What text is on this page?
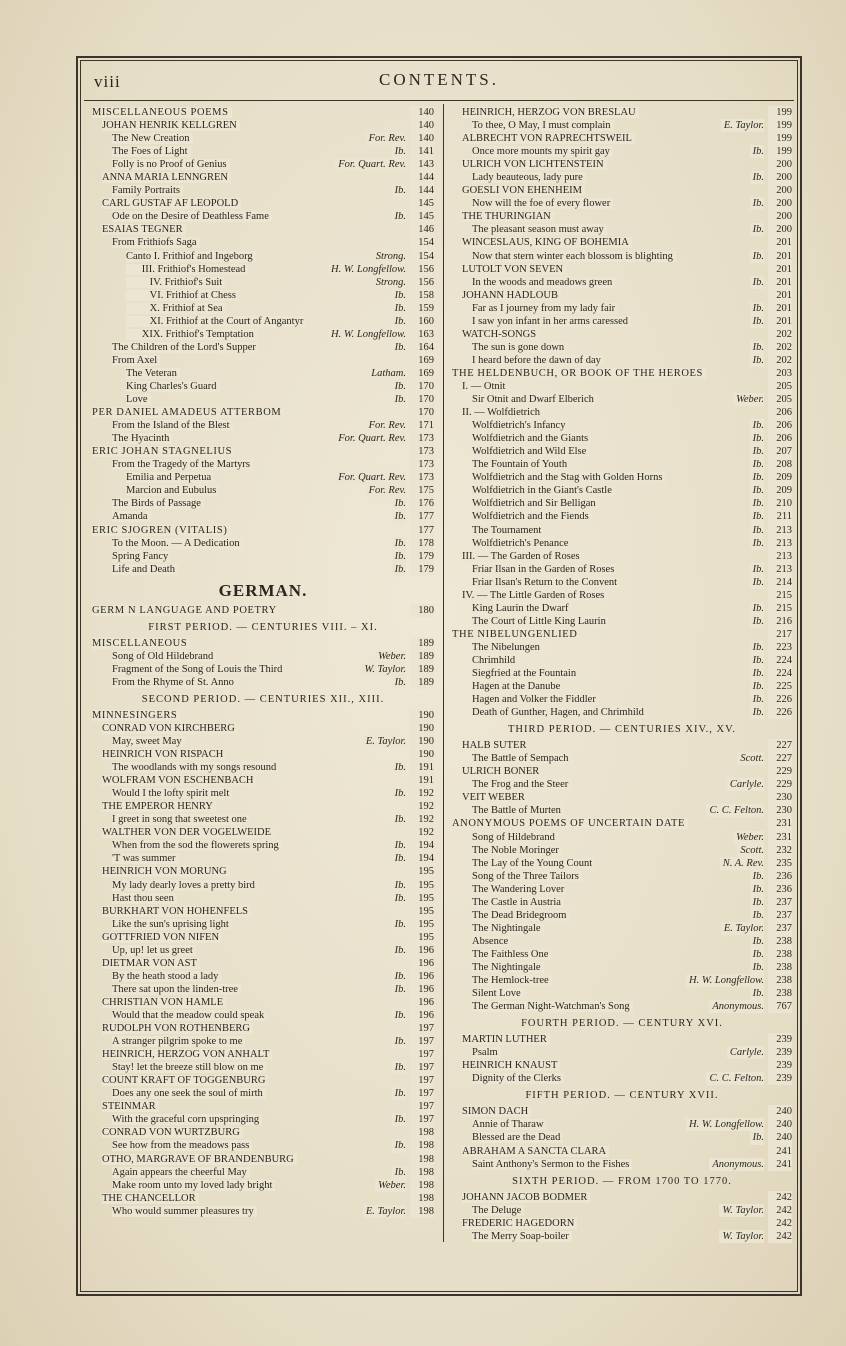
viii	CONTENTS.
MISCELLANEOUS POEMS	140
JOHAN HENRIK KELLGREN	140
The New Creation	For. Rev.	140
The Foes of Light	Ib.	141
Folly is no Proof of Genius	For. Quart. Rev.	143
ANNA MARIA LENNGREN	144
Family Portraits	Ib.	144
CARL GUSTAF AF LEOPOLD	145
Ode on the Desire of Deathless Fame	Ib.	145
ESAIAS TEGNER	146
From Frithiofs Saga	154
Canto I. Frithiof and Ingeborg	Strong.	154
III. Frithiof's Homestead	H. W. Longfellow.	156
IV. Frithiof's Suit	Strong.	156
VI. Frithiof at Chess	Ib.	158
X. Frithiof at Sea	Ib.	159
XI. Frithiof at the Court of Angantyr	Ib.	160
XIX. Frithiof's Temptation	H. W. Longfellow.	163
The Children of the Lord's Supper	Ib.	164
From Axel	169
The Veteran	Latham.	169
King Charles's Guard	Ib.	170
Love	Ib.	170
PER DANIEL AMADEUS ATTERBOM	170
From the Island of the Blest	For. Rev.	171
The Hyacinth	For. Quart. Rev.	173
ERIC JOHAN STAGNELIUS	173
From the Tragedy of the Martyrs	173
Emilia and Perpetua	For. Quart. Rev.	173
Marcion and Eubulus	For. Rev.	175
The Birds of Passage	Ib.	176
Amanda	Ib.	177
ERIC SJOGREN (VITALIS)	177
To the Moon. — A Dedication	Ib.	178
Spring Fancy	Ib.	179
Life and Death	Ib.	179
GERMAN.
GERM N LANGUAGE AND POETRY	180
FIRST PERIOD. — CENTURIES VIII. – XI.
MISCELLANEOUS	189
Song of Old Hildebrand	Weber.	189
Fragment of the Song of Louis the Third	W. Taylor.	189
From the Rhyme of St. Anno	Ib.	189
SECOND PERIOD. — CENTURIES XII., XIII.
MINNESINGERS	190
CONRAD VON KIRCHBERG	190
May, sweet May	E. Taylor.	190
HEINRICH VON RISPACH	190
The woodlands with my songs resound	Ib.	191
WOLFRAM VON ESCHENBACH	191
Would I the lofty spirit melt	Ib.	192
THE EMPEROR HENRY	192
I greet in song that sweetest one	Ib.	192
WALTHER VON DER VOGELWEIDE	192
When from the sod the flowerets spring	Ib.	194
'T was summer	Ib.	194
HEINRICH VON MORUNG	195
My lady dearly loves a pretty bird	Ib.	195
Hast thou seen	Ib.	195
BURKHART VON HOHENFELS	195
Like the sun's uprising light	Ib.	195
GOTTFRIED VON NIFEN	195
Up, up! let us greet	Ib.	196
DIETMAR VON AST	196
By the heath stood a lady	Ib.	196
There sat upon the linden-tree	Ib.	196
CHRISTIAN VON HAMLE	196
Would that the meadow could speak	Ib.	196
RUDOLPH VON ROTHENBERG	197
A stranger pilgrim spoke to me	Ib.	197
HEINRICH, HERZOG VON ANHALT	197
Stay! let the breeze still blow on me	Ib.	197
COUNT KRAFT OF TOGGENBURG	197
Does any one seek the soul of mirth	Ib.	197
STEINMAR	197
With the graceful corn upspringing	Ib.	197
CONRAD VON WURTZBURG	198
See how from the meadows pass	Ib.	198
OTHO, MARGRAVE OF BRANDENBURG	198
Again appears the cheerful May	Ib.	198
Make room unto my loved lady bright	Weber.	198
THE CHANCELLOR	198
Who would summer pleasures try	E. Taylor.	198
HEINRICH, HERZOG VON BRESLAU	199
To thee, O May, I must complain	E. Taylor.	199
ALBRECHT VON RAPRECHTSWEIL	199
Once more mounts my spirit gay	Ib.	199
ULRICH VON LICHTENSTEIN	200
Lady beauteous, lady pure	Ib.	200
GOESLI VON EHENHEIM	200
Now will the foe of every flower	Ib.	200
THE THURINGIAN	200
The pleasant season must away	Ib.	200
WINCESLAUS, KING OF BOHEMIA	201
Now that stern winter each blossom is blighting	Ib.	201
LUTOLT VON SEVEN	201
In the woods and meadows green	Ib.	201
JOHANN HADLOUB	201
Far as I journey from my lady fair	Ib.	201
I saw yon infant in her arms caressed	Ib.	201
WATCH-SONGS	202
The sun is gone down	Ib.	202
I heard before the dawn of day	Ib.	202
THE HELDENBUCH, OR BOOK OF THE HEROES	203
I. — Otnit	205
Sir Otnit and Dwarf Elberich	Weber.	205
II. — Wolfdietrich	206
Wolfdietrich's Infancy	Ib.	206
Wolfdietrich and the Giants	Ib.	206
Wolfdietrich and Wild Else	Ib.	207
The Fountain of Youth	Ib.	208
Wolfdietrich and the Stag with Golden Horns	Ib.	209
Wolfdietrich in the Giant's Castle	Ib.	209
Wolfdietrich and Sir Belligan	Ib.	210
Wolfdietrich and the Fiends	Ib.	211
The Tournament	Ib.	213
Wolfdietrich's Penance	Ib.	213
III. — The Garden of Roses	213
Friar Ilsan in the Garden of Roses	Ib.	213
Friar Ilsan's Return to the Convent	Ib.	214
IV. — The Little Garden of Roses	215
King Laurin the Dwarf	Ib.	215
The Court of Little King Laurin	Ib.	216
THE NIBELUNGENLIED	217
The Nibelungen	Ib.	223
Chrimhild	Ib.	224
Siegfried at the Fountain	Ib.	224
Hagen at the Danube	Ib.	225
Hagen and Volker the Fiddler	Ib.	226
Death of Gunther, Hagen, and Chrimhild	Ib.	226
THIRD PERIOD. — CENTURIES XIV., XV.
HALB SUTER	227
The Battle of Sempach	Scott.	227
ULRICH BONER	229
The Frog and the Steer	Carlyle.	229
VEIT WEBER	230
The Battle of Murten	C. C. Felton.	230
ANONYMOUS POEMS OF UNCERTAIN DATE	231
Song of Hildebrand	Weber.	231
The Noble Moringer	Scott.	232
The Lay of the Young Count	N. A. Rev.	235
Song of the Three Tailors	Ib.	236
The Wandering Lover	Ib.	236
The Castle in Austria	Ib.	237
The Dead Bridegroom	Ib.	237
The Nightingale	E. Taylor.	237
Absence	Ib.	238
The Faithless One	Ib.	238
The Nightingale	Ib.	238
The Hemlock-tree	H. W. Longfellow.	238
Silent Love	Ib.	238
The German Night-Watchman's Song	Anonymous.	767
FOURTH PERIOD. — CENTURY XVI.
MARTIN LUTHER	239
Psalm	Carlyle.	239
HEINRICH KNAUST	239
Dignity of the Clerks	C. C. Felton.	239
FIFTH PERIOD. — CENTURY XVII.
SIMON DACH	240
Annie of Tharaw	H. W. Longfellow.	240
Blessed are the Dead	Ib.	240
ABRAHAM A SANCTA CLARA	241
Saint Anthony's Sermon to the Fishes	Anonymous.	241
SIXTH PERIOD. — FROM 1700 TO 1770.
JOHANN JACOB BODMER	242
The Deluge	W. Taylor.	242
FREDERIC HAGEDORN	242
The Merry Soap-boiler	W. Taylor.	242
